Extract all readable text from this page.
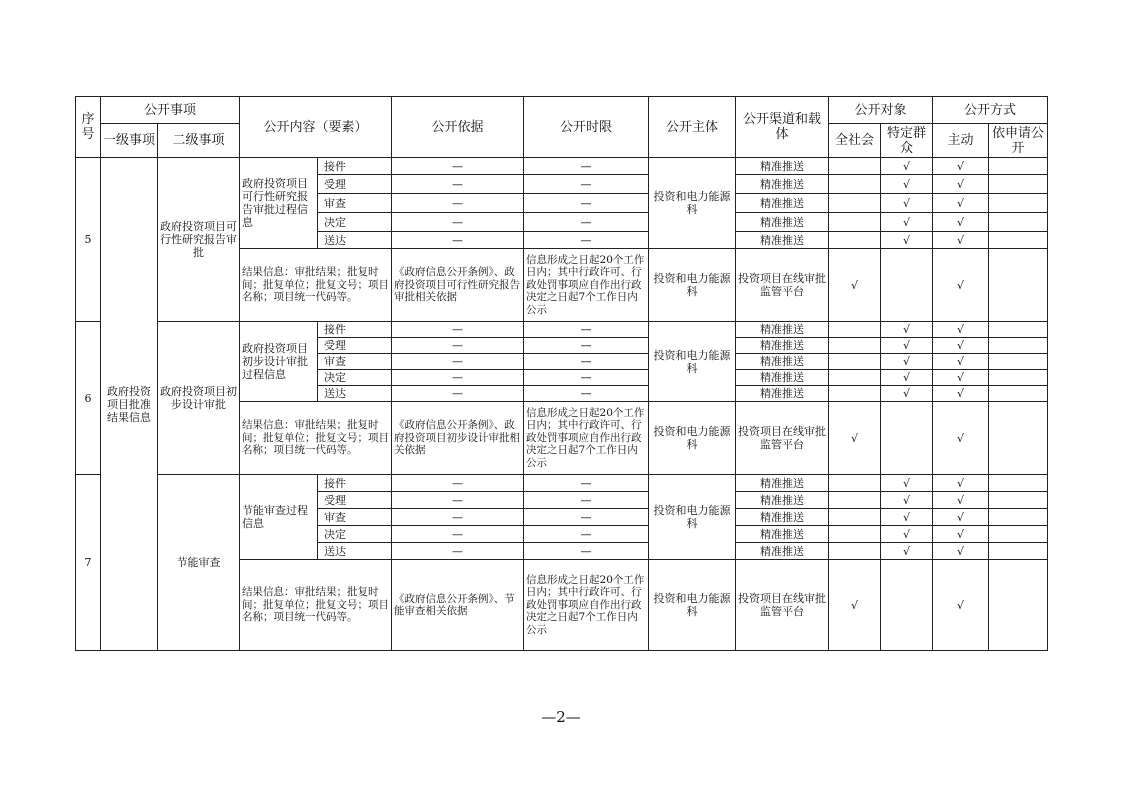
序号	公开事项		公开内容（要素）		公开依据	公开时限	公开主体	公开渠道和载体	公开对象		公开方式	
	一级事项	二级事项							全社会	特定群众	主动	依申请公开
5	政府投资项目批准结果信息	政府投资项目可行性研究报告审批	政府投资项目可行性研究报告审批过程信息	接件	—	—	投资和电力能源科	精准推送		√	√	
				受理	—	—		精准推送		√	√	
				审查	—	—		精准推送		√	√	
				决定	—	—		精准推送		√	√	
				送达	—	—		精准推送		√	√	
			结果信息：审批结果；批复时间；批复单位；批复文号；项目名称；项目统一代码等。		《政府信息公开条例》、政府投资项目可行性研究报告审批相关依据	信息形成之日起20个工作日内；其中行政许可、行政处罚事项应自作出行政决定之日起7个工作日内公示	投资和电力能源科	投资项目在线审批监管平台	√		√	
6		政府投资项目初步设计审批	政府投资项目初步设计审批过程信息	接件	—	—	投资和电力能源科	精准推送		√	√	
				受理	—	—		精准推送		√	√	
				审查	—	—		精准推送		√	√	
				决定	—	—		精准推送		√	√	
				送达	—	—		精准推送		√	√	
			结果信息：审批结果；批复时间；批复单位；批复文号；项目名称；项目统一代码等。		《政府信息公开条例》、政府投资项目初步设计审批相关依据	信息形成之日起20个工作日内；其中行政许可、行政处罚事项应自作出行政决定之日起7个工作日内公示	投资和电力能源科	投资项目在线审批监管平台	√		√	
7		节能审查	节能审查过程信息	接件	—	—	投资和电力能源科	精准推送		√	√	
				受理	—	—		精准推送		√	√	
				审查	—	—		精准推送		√	√	
				决定	—	—		精准推送		√	√	
				送达	—	—		精准推送		√	√	
			结果信息：审批结果；批复时间；批复单位；批复文号；项目名称；项目统一代码等。		《政府信息公开条例》、节能审查相关依据	信息形成之日起20个工作日内；其中行政许可、行政处罚事项应自作出行政决定之日起7个工作日内公示	投资和电力能源科	投资项目在线审批监管平台	√		√	
—2—
